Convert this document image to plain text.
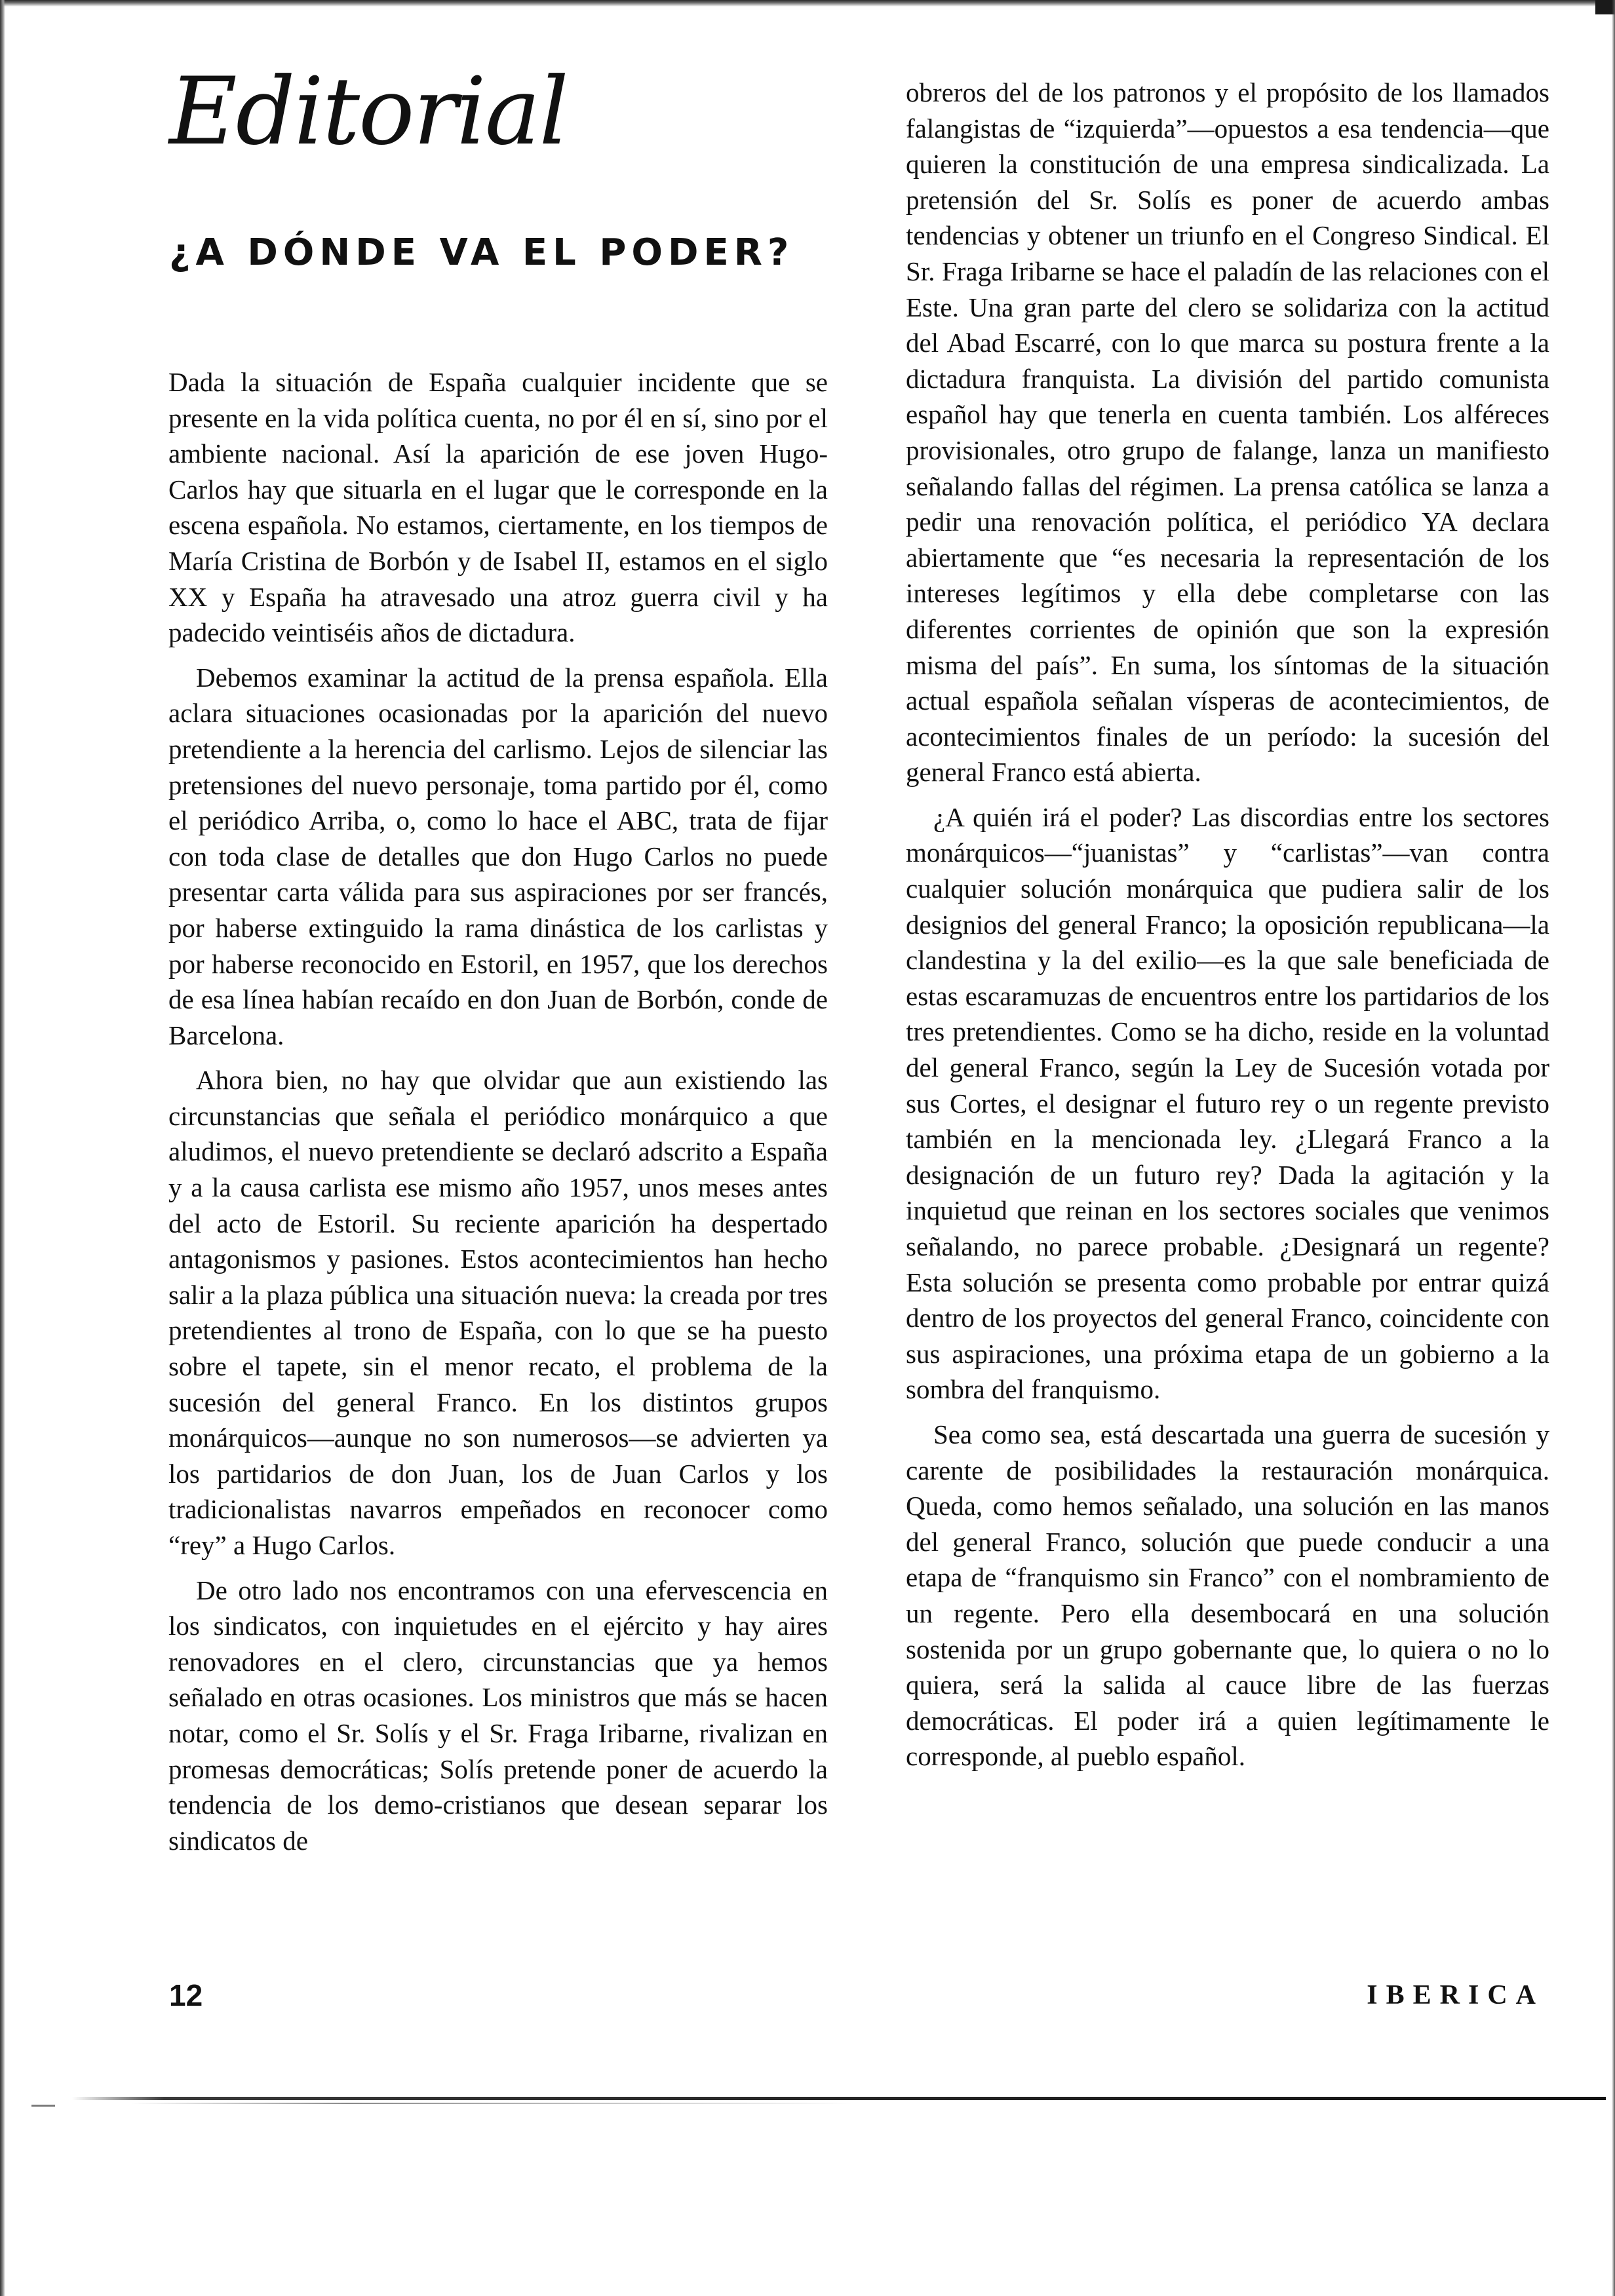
Editorial
¿A DÓNDE VA EL PODER?

Dada la situación de España cualquier incidente que se presente en la vida política cuenta, no por él en sí, sino por el ambiente nacional. Así la aparición de ese joven Hugo-Carlos hay que situarla en el lugar que le corresponde en la escena española. No estamos, ciertamente, en los tiempos de María Cristina de Borbón y de Isabel II, estamos en el siglo XX y España ha atravesado una atroz guerra civil y ha padecido veintiséis años de dictadura.

Debemos examinar la actitud de la prensa española. Ella aclara situaciones ocasionadas por la aparición del nuevo pretendiente a la herencia del carlismo. Lejos de silenciar las pretensiones del nuevo personaje, toma partido por él, como el periódico Arriba, o, como lo hace el ABC, trata de fijar con toda clase de detalles que don Hugo Carlos no puede presentar carta válida para sus aspiraciones por ser francés, por haberse extinguido la rama dinástica de los carlistas y por haberse reconocido en Estoril, en 1957, que los derechos de esa línea habían recaído en don Juan de Borbón, conde de Barcelona.

Ahora bien, no hay que olvidar que aun existiendo las circunstancias que señala el periódico monárquico a que aludimos, el nuevo pretendiente se declaró adscrito a España y a la causa carlista ese mismo año 1957, unos meses antes del acto de Estoril. Su reciente aparición ha despertado antagonismos y pasiones. Estos acontecimientos han hecho salir a la plaza pública una situación nueva: la creada por tres pretendientes al trono de España, con lo que se ha puesto sobre el tapete, sin el menor recato, el problema de la sucesión del general Franco. En los distintos grupos monárquicos—aunque no son numerosos—se advierten ya los partidarios de don Juan, los de Juan Carlos y los tradicionalistas navarros empeñados en reconocer como “rey” a Hugo Carlos.

De otro lado nos encontramos con una efervescencia en los sindicatos, con inquietudes en el ejército y hay aires renovadores en el clero, circunstancias que ya hemos señalado en otras ocasiones. Los ministros que más se hacen notar, como el Sr. Solís y el Sr. Fraga Iribarne, rivalizan en promesas democráticas; Solís pretende poner de acuerdo la tendencia de los demo-cristianos que desean separar los sindicatos de

obreros del de los patronos y el propósito de los llamados falangistas de “izquierda”—opuestos a esa tendencia—que quieren la constitución de una empresa sindicalizada. La pretensión del Sr. Solís es poner de acuerdo ambas tendencias y obtener un triunfo en el Congreso Sindical. El Sr. Fraga Iribarne se hace el paladín de las relaciones con el Este. Una gran parte del clero se solidariza con la actitud del Abad Escarré, con lo que marca su postura frente a la dictadura franquista. La división del partido comunista español hay que tenerla en cuenta también. Los alféreces provisionales, otro grupo de falange, lanza un manifiesto señalando fallas del régimen. La prensa católica se lanza a pedir una renovación política, el periódico YA declara abiertamente que “es necesaria la representación de los intereses legítimos y ella debe completarse con las diferentes corrientes de opinión que son la expresión misma del país”. En suma, los síntomas de la situación actual española señalan vísperas de acontecimientos, de acontecimientos finales de un período: la sucesión del general Franco está abierta.

¿A quién irá el poder? Las discordias entre los sectores monárquicos—“juanistas” y “carlistas”—van contra cualquier solución monárquica que pudiera salir de los designios del general Franco; la oposición republicana—la clandestina y la del exilio—es la que sale beneficiada de estas escaramuzas de encuentros entre los partidarios de los tres pretendientes. Como se ha dicho, reside en la voluntad del general Franco, según la Ley de Sucesión votada por sus Cortes, el designar el futuro rey o un regente previsto también en la mencionada ley. ¿Llegará Franco a la designación de un futuro rey? Dada la agitación y la inquietud que reinan en los sectores sociales que venimos señalando, no parece probable. ¿Designará un regente? Esta solución se presenta como probable por entrar quizá dentro de los proyectos del general Franco, coincidente con sus aspiraciones, una próxima etapa de un gobierno a la sombra del franquismo.

Sea como sea, está descartada una guerra de sucesión y carente de posibilidades la restauración monárquica. Queda, como hemos señalado, una solución en las manos del general Franco, solución que puede conducir a una etapa de “franquismo sin Franco” con el nombramiento de un regente. Pero ella desembocará en una solución sostenida por un grupo gobernante que, lo quiera o no lo quiera, será la salida al cauce libre de las fuerzas democráticas. El poder irá a quien legítimamente le corresponde, al pueblo español.

12	IBERICA
